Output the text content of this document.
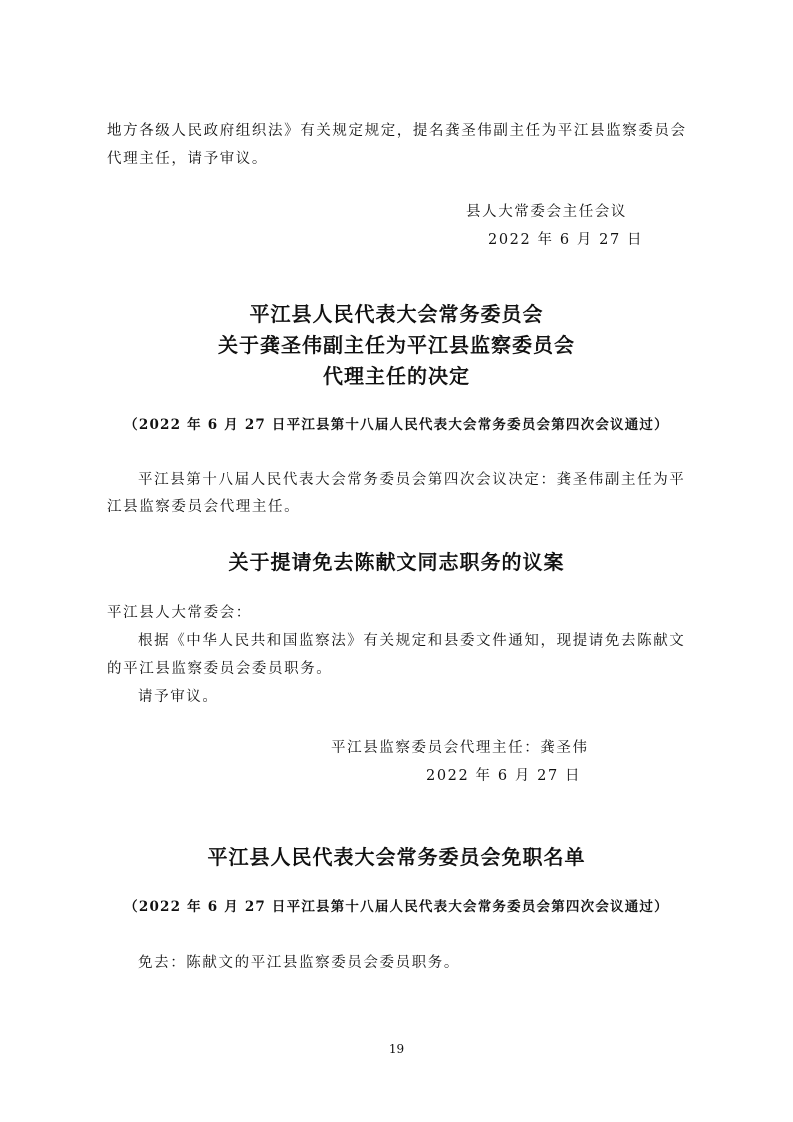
地方各级人民政府组织法》有关规定规定，提名龚圣伟副主任为平江县监察委员会
代理主任，请予审议。
县人大常委会主任会议
2022 年 6 月 27 日
平江县人民代表大会常务委员会
关于龚圣伟副主任为平江县监察委员会
代理主任的决定
（2022 年 6 月 27 日平江县第十八届人民代表大会常务委员会第四次会议通过）
平江县第十八届人民代表大会常务委员会第四次会议决定：龚圣伟副主任为平
江县监察委员会代理主任。
关于提请免去陈献文同志职务的议案
平江县人大常委会：
根据《中华人民共和国监察法》有关规定和县委文件通知，现提请免去陈献文
的平江县监察委员会委员职务。
请予审议。
平江县监察委员会代理主任：龚圣伟
2022 年 6 月 27 日
平江县人民代表大会常务委员会免职名单
（2022 年 6 月 27 日平江县第十八届人民代表大会常务委员会第四次会议通过）
免去：陈献文的平江县监察委员会委员职务。
19
